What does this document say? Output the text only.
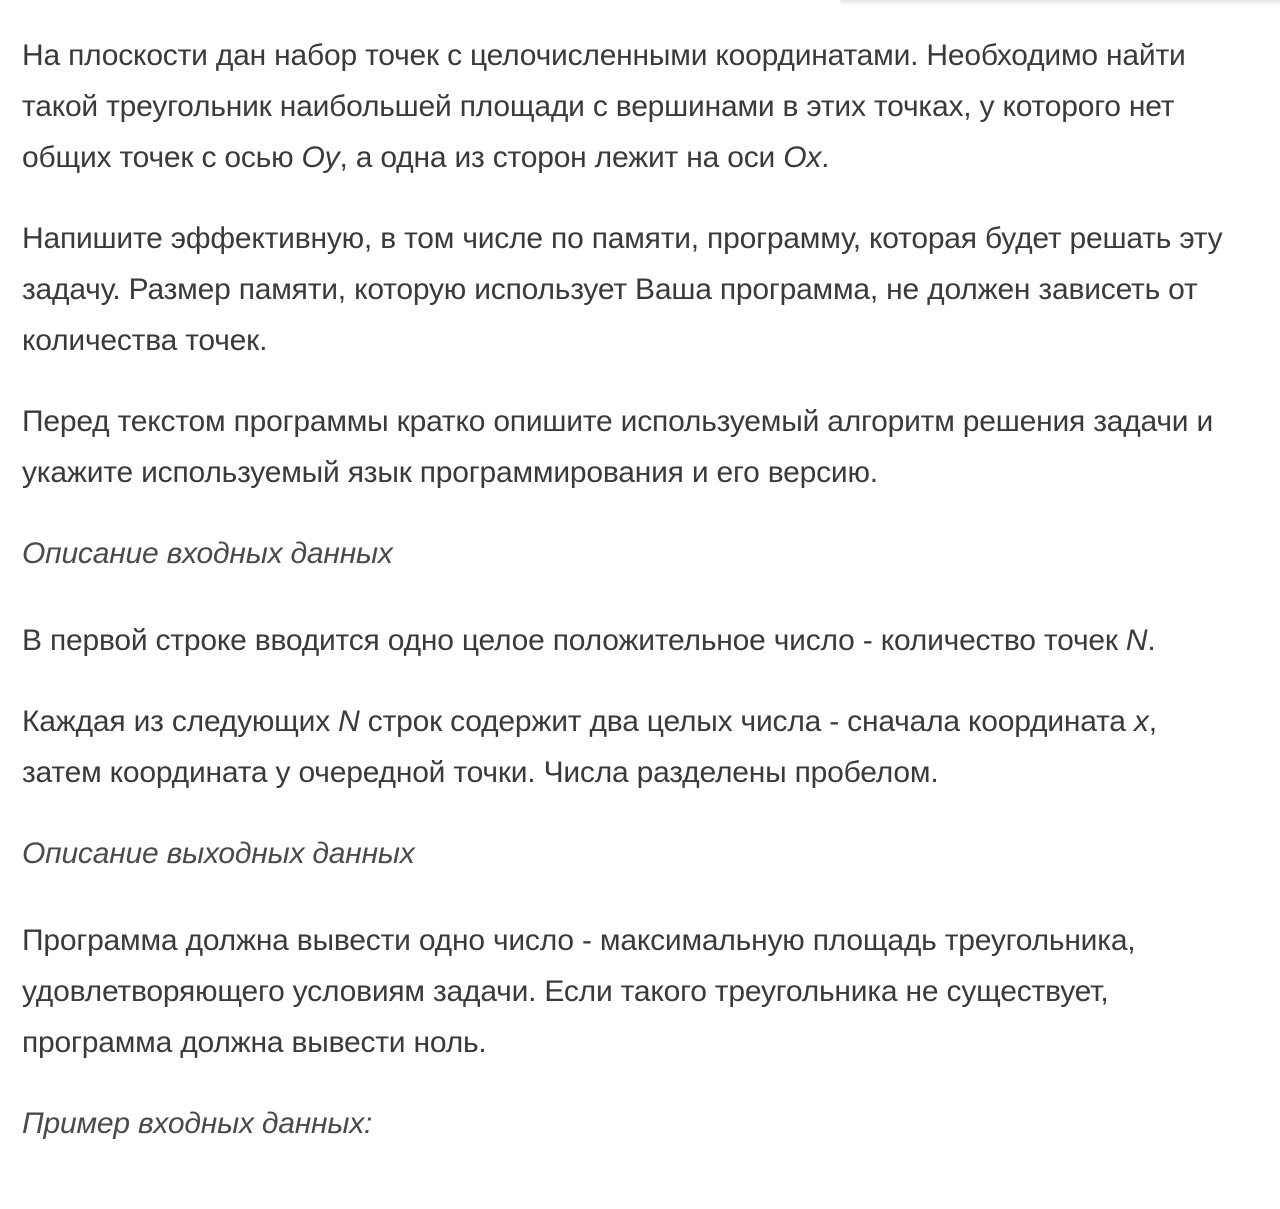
На плоскости дан набор точек с целочисленными координатами. Необходимо найти такой треугольник наибольшей площади с вершинами в этих точках, у которого нет общих точек с осью Oy, а одна из сторон лежит на оси Ox.

Напишите эффективную, в том числе по памяти, программу, которая будет решать эту задачу. Размер памяти, которую использует Ваша программа, не должен зависеть от количества точек.

Перед текстом программы кратко опишите используемый алгоритм решения задачи и укажите используемый язык программирования и его версию.

Описание входных данных

В первой строке вводится одно целое положительное число - количество точек N.

Каждая из следующих N строк содержит два целых числа - сначала координата x, затем координата y очередной точки. Числа разделены пробелом.

Описание выходных данных

Программа должна вывести одно число - максимальную площадь треугольника, удовлетворяющего условиям задачи. Если такого треугольника не существует, программа должна вывести ноль.

Пример входных данных:
